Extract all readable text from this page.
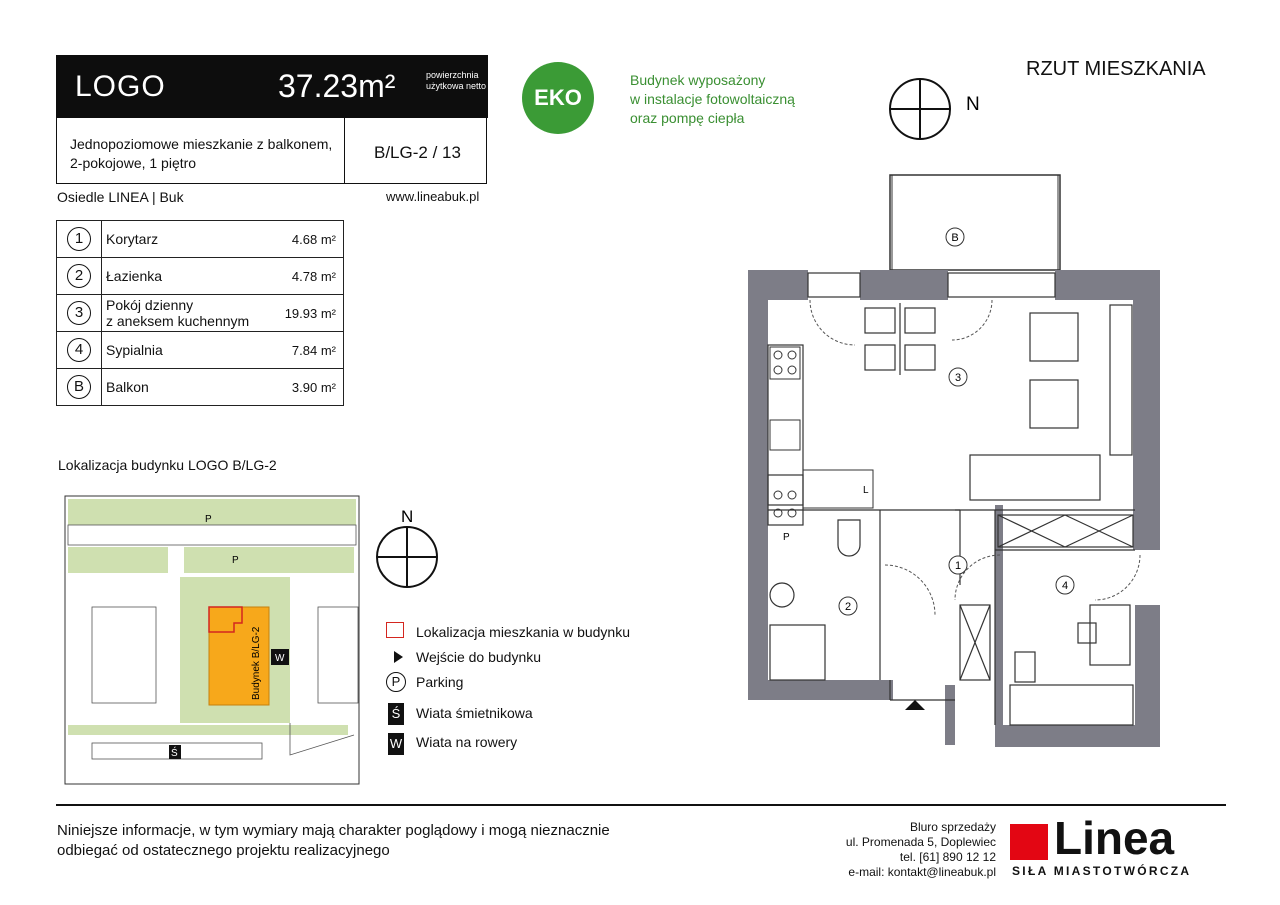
LOGO	37.23m²	powierzchnia użytkowa netto
Jednopoziomowe mieszkanie z balkonem, 2-pokojowe, 1 piętro
B/LG-2 / 13
Osiedle LINEA | Buk	www.lineabuk.pl
1	Korytarz	4.68 m²
2	Łazienka	4.78 m²
3	Pokój dzienny
z aneksem kuchennym	19.93 m²
4	Sypialnia	7.84 m²
B	Balkon	3.90 m²
EKO
Budynek wyposażony
w instalacje fotowoltaiczną
oraz pompę ciepła
RZUT MIESZKANIA
N
L
P
1
2
3
4
B
Lokalizacja budynku LOGO B/LG-2
P
P
Budynek B/LG-2 W
Ś
N
Lokalizacja mieszkania w budynku
Wejście do budynku
P	Parking
Ś Wiata śmietnikowa
W Wiata na rowery
Niniejsze informacje, w tym wymiary mają charakter poglądowy i mogą nieznacznie
odbiegać od ostatecznego projektu realizacyjnego
Bluro sprzedaży
ul. Promenada 5, Doplewiec
tel. [61] 890 12 12
e-mail: kontakt@lineabuk.pl
Linea
SIŁA MIASTOTWÓRCZA
